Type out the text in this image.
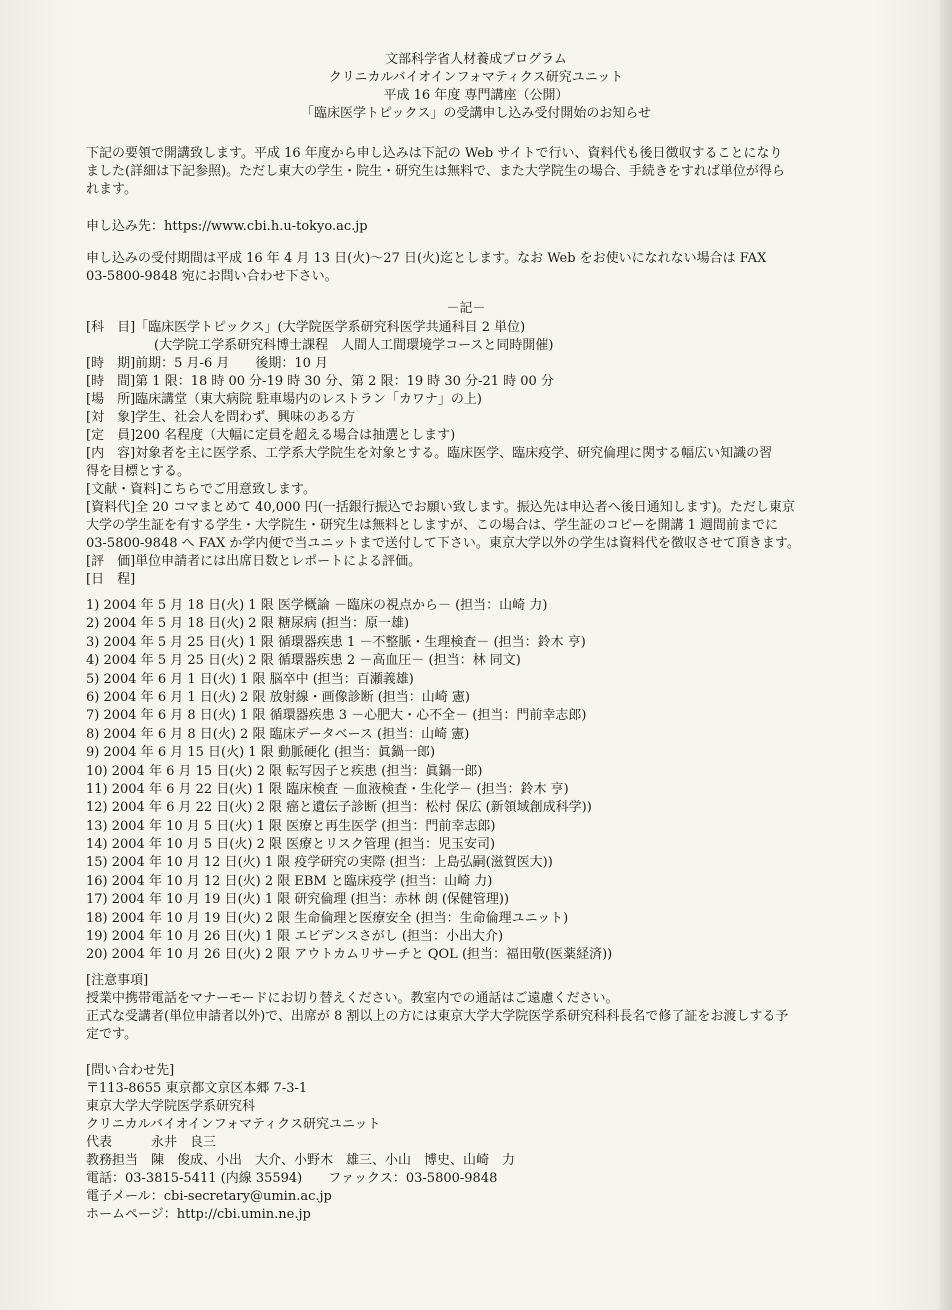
文部科学省人材養成プログラム
クリニカルバイオインフォマティクス研究ユニット
平成 16 年度 専門講座（公開）
「臨床医学トピックス」の受講申し込み受付開始のお知らせ
下記の要領で開講致します。平成 16 年度から申し込みは下記の Web サイトで行い、資料代も後日徴収することになり
ました(詳細は下記参照)。ただし東大の学生・院生・研究生は無料で、また大学院生の場合、手続きをすれば単位が得ら
れます。
申し込み先：https://www.cbi.h.u-tokyo.ac.jp
申し込みの受付期間は平成 16 年 4 月 13 日(火)〜27 日(火)迄とします。なお Web をお使いになれない場合は FAX
03-5800-9848 宛にお問い合わせ下さい。
－記－
[科　目]「臨床医学トピックス」(大学院医学系研究科医学共通科目 2 単位)
(大学院工学系研究科博士課程　人間人工間環境学コースと同時開催)
[時　期]前期：5 月-6 月　　後期：10 月
[時　間]第 1 限：18 時 00 分-19 時 30 分、第 2 限：19 時 30 分-21 時 00 分
[場　所]臨床講堂（東大病院 駐車場内のレストラン「カワナ」の上)
[対　象]学生、社会人を問わず、興味のある方
[定　員]200 名程度（大幅に定員を超える場合は抽選とします)
[内　容]対象者を主に医学系、工学系大学院生を対象とする。臨床医学、臨床疫学、研究倫理に関する幅広い知識の習
得を目標とする。
[文献・資料]こちらでご用意致します。
[資料代]全 20 コマまとめて 40,000 円(一括銀行振込でお願い致します。振込先は申込者へ後日通知します)。ただし東京
大学の学生証を有する学生・大学院生・研究生は無料としますが、この場合は、学生証のコピーを開講 1 週間前までに
03-5800-9848 へ FAX か学内便で当ユニットまで送付して下さい。東京大学以外の学生は資料代を徴収させて頂きます。
[評　価]単位申請者には出席日数とレポートによる評価。
[日　程]
1) 2004 年 5 月 18 日(火) 1 限 医学概論 －臨床の視点から－ (担当：山崎 力)
2) 2004 年 5 月 18 日(火) 2 限 糖尿病 (担当：原一雄)
3) 2004 年 5 月 25 日(火) 1 限 循環器疾患 1 －不整脈・生理検査－ (担当：鈴木 亨)
4) 2004 年 5 月 25 日(火) 2 限 循環器疾患 2 －高血圧－ (担当：林 同文)
5) 2004 年 6 月 1 日(火) 1 限 脳卒中 (担当：百瀬義雄)
6) 2004 年 6 月 1 日(火) 2 限 放射線・画像診断 (担当：山崎 憲)
7) 2004 年 6 月 8 日(火) 1 限 循環器疾患 3 －心肥大・心不全－ (担当：門前幸志郎)
8) 2004 年 6 月 8 日(火) 2 限 臨床データベース (担当：山崎 憲)
9) 2004 年 6 月 15 日(火) 1 限 動脈硬化 (担当：眞鍋一郎)
10) 2004 年 6 月 15 日(火) 2 限 転写因子と疾患 (担当：眞鍋一郎)
11) 2004 年 6 月 22 日(火) 1 限 臨床検査 －血液検査・生化学－ (担当：鈴木 亨)
12) 2004 年 6 月 22 日(火) 2 限 癌と遺伝子診断 (担当：松村 保広 (新領域創成科学))
13) 2004 年 10 月 5 日(火) 1 限 医療と再生医学 (担当：門前幸志郎)
14) 2004 年 10 月 5 日(火) 2 限 医療とリスク管理 (担当：児玉安司)
15) 2004 年 10 月 12 日(火) 1 限 疫学研究の実際 (担当：上島弘嗣(滋賀医大))
16) 2004 年 10 月 12 日(火) 2 限 EBM と臨床疫学 (担当：山崎 力)
17) 2004 年 10 月 19 日(火) 1 限 研究倫理 (担当：赤林 朗 (保健管理))
18) 2004 年 10 月 19 日(火) 2 限 生命倫理と医療安全 (担当：生命倫理ユニット)
19) 2004 年 10 月 26 日(火) 1 限 エビデンスさがし (担当：小出大介)
20) 2004 年 10 月 26 日(火) 2 限 アウトカムリサーチと QOL (担当：福田敬(医薬経済))
[注意事項]
授業中携帯電話をマナーモードにお切り替えください。教室内での通話はご遠慮ください。
正式な受講者(単位申請者以外)で、出席が 8 割以上の方には東京大学大学院医学系研究科科長名で修了証をお渡しする予
定です。
[問い合わせ先]
〒113-8655 東京都文京区本郷 7-3-1
東京大学大学院医学系研究科
クリニカルバイオインフォマティクス研究ユニット
代表　　　永井　良三
教務担当　陳　俊成、小出　大介、小野木　雄三、小山　博史、山崎　力
電話：03-3815-5411 (内線 35594)　　ファックス：03-5800-9848
電子メール：cbi-secretary@umin.ac.jp
ホームページ：http://cbi.umin.ne.jp
